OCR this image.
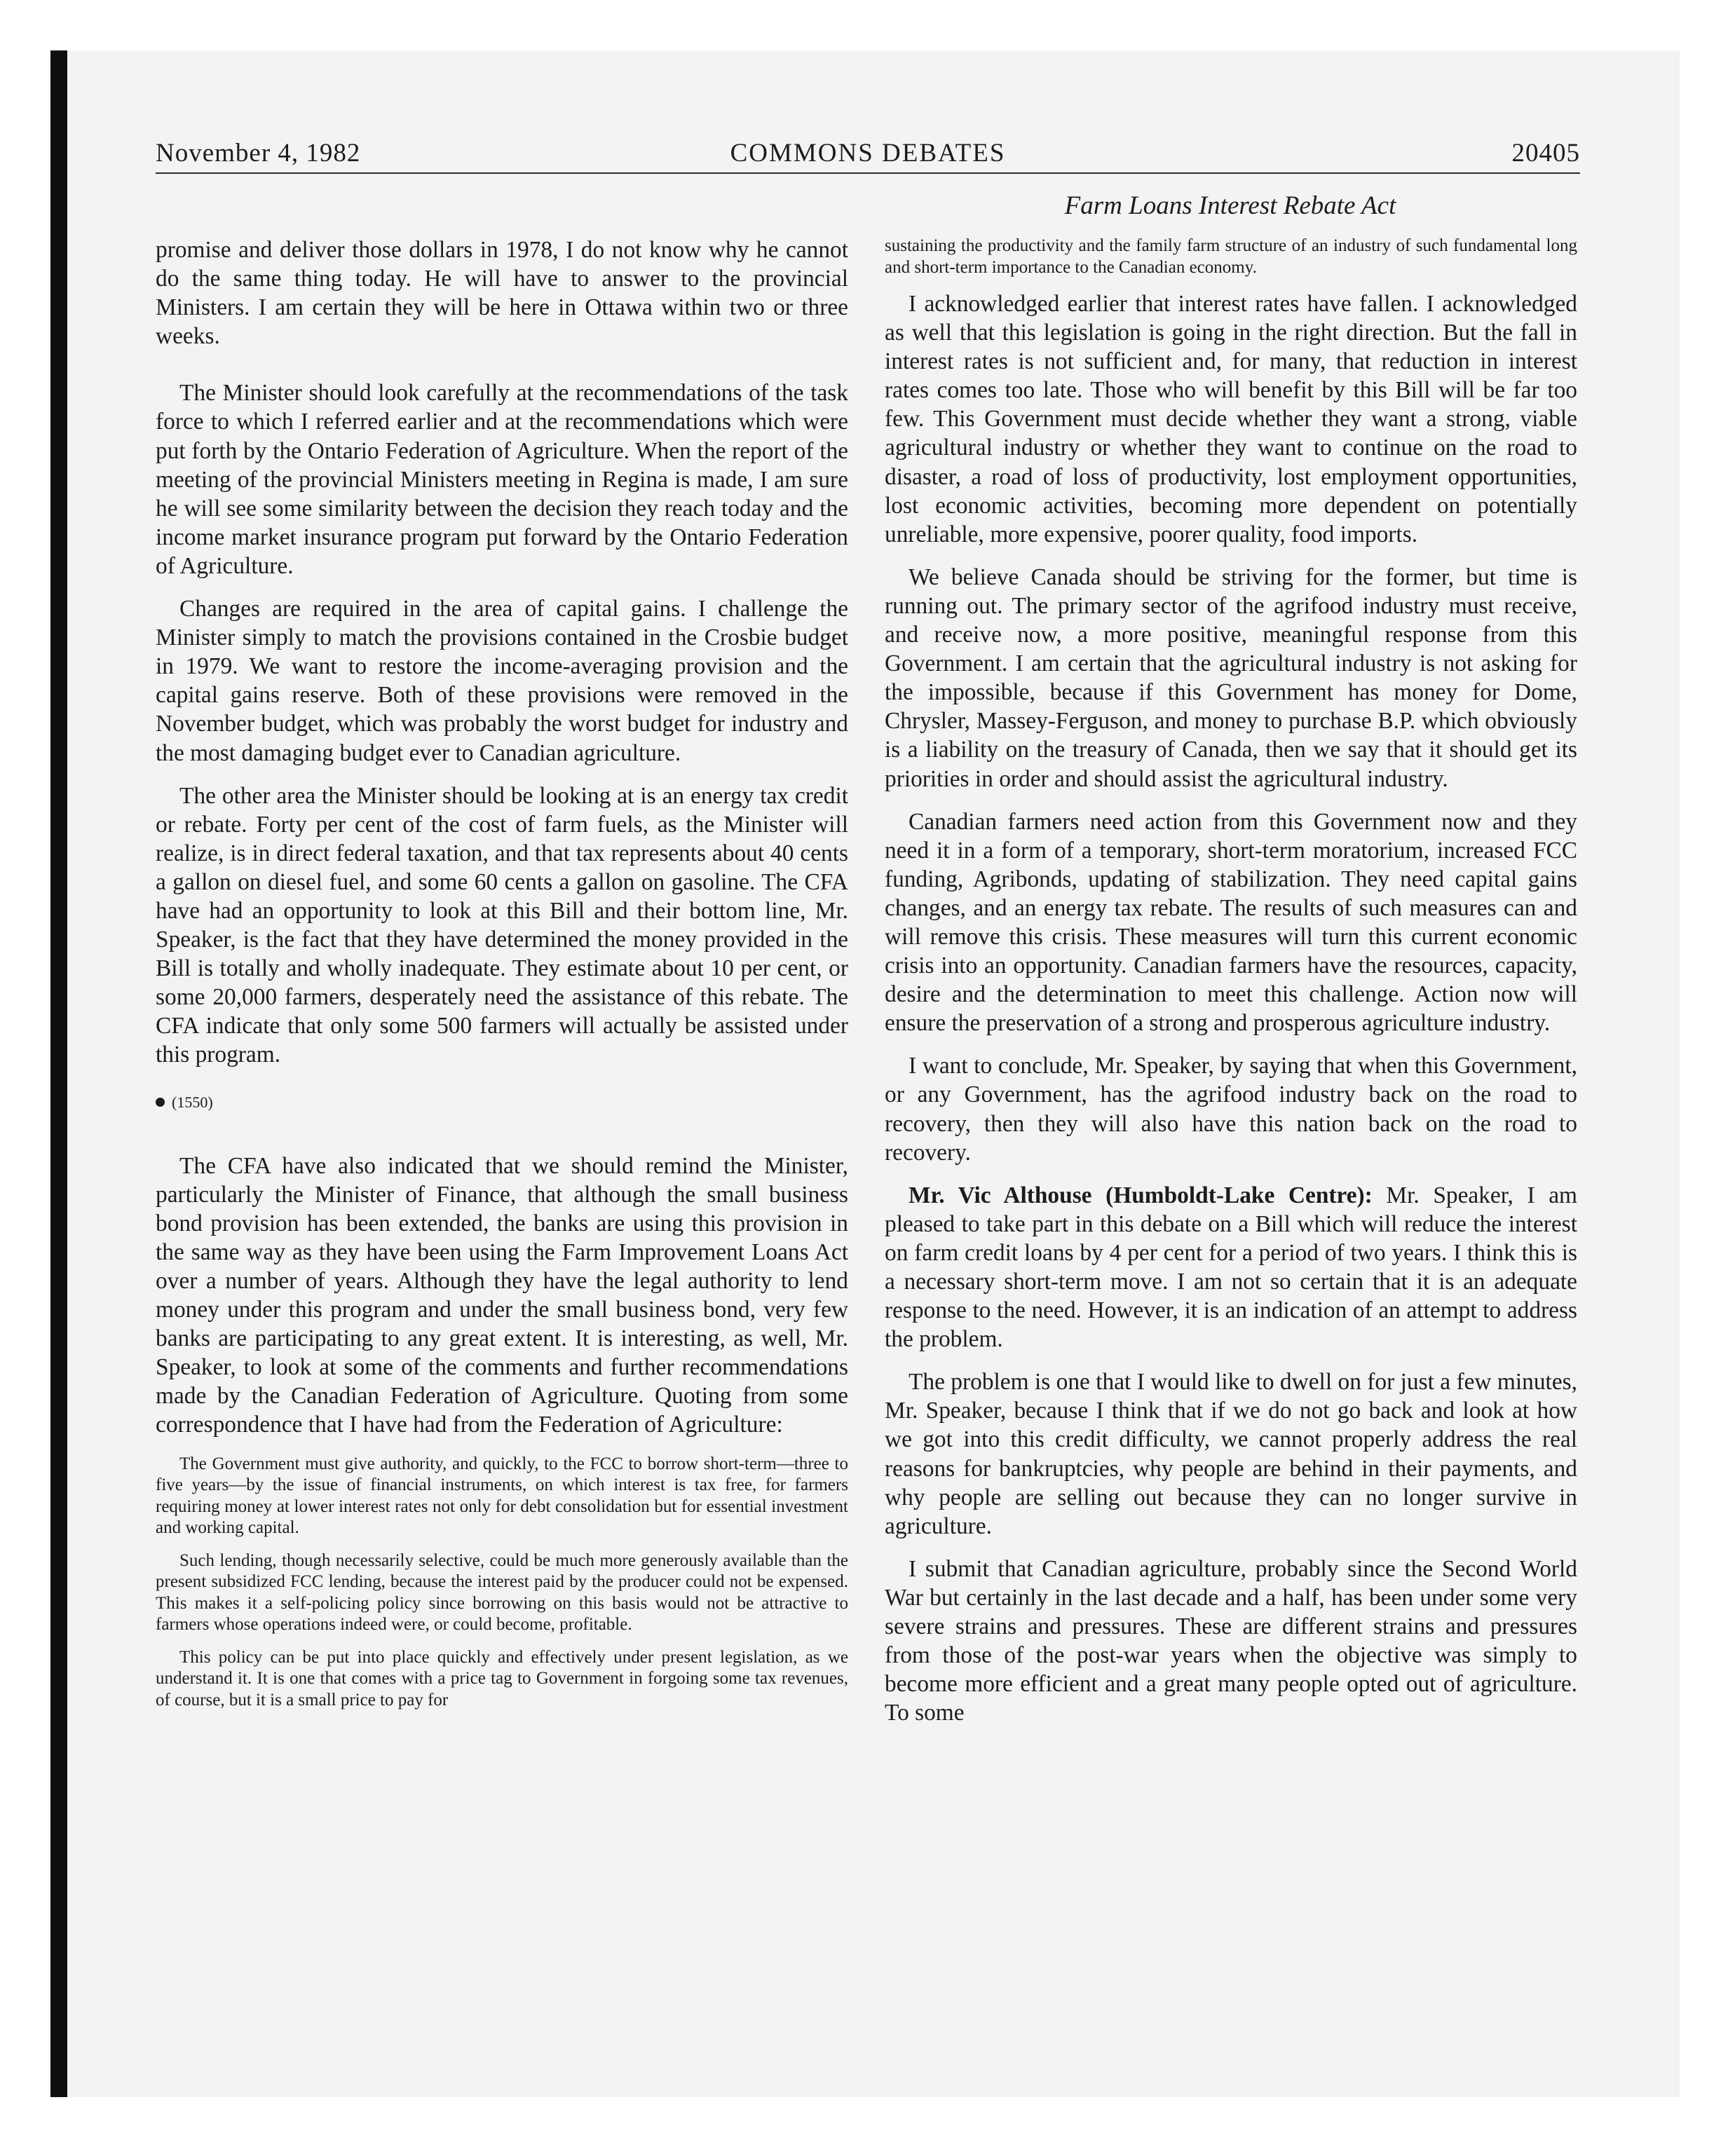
November 4, 1982	COMMONS DEBATES	20405
Farm Loans Interest Rebate Act

promise and deliver those dollars in 1978, I do not know why he cannot do the same thing today. He will have to answer to the provincial Ministers. I am certain they will be here in Ottawa within two or three weeks.

The Minister should look carefully at the recommendations of the task force to which I referred earlier and at the recommendations which were put forth by the Ontario Federation of Agriculture. When the report of the meeting of the provincial Ministers meeting in Regina is made, I am sure he will see some similarity between the decision they reach today and the income market insurance program put forward by the Ontario Federation of Agriculture.

Changes are required in the area of capital gains. I challenge the Minister simply to match the provisions contained in the Crosbie budget in 1979. We want to restore the income-averaging provision and the capital gains reserve. Both of these provisions were removed in the November budget, which was probably the worst budget for industry and the most damaging budget ever to Canadian agriculture.

The other area the Minister should be looking at is an energy tax credit or rebate. Forty per cent of the cost of farm fuels, as the Minister will realize, is in direct federal taxation, and that tax represents about 40 cents a gallon on diesel fuel, and some 60 cents a gallon on gasoline. The CFA have had an opportunity to look at this Bill and their bottom line, Mr. Speaker, is the fact that they have determined the money provided in the Bill is totally and wholly inadequate. They estimate about 10 per cent, or some 20,000 farmers, desperately need the assistance of this rebate. The CFA indicate that only some 500 farmers will actually be assisted under this program.

(1550)

The CFA have also indicated that we should remind the Minister, particularly the Minister of Finance, that although the small business bond provision has been extended, the banks are using this provision in the same way as they have been using the Farm Improvement Loans Act over a number of years. Although they have the legal authority to lend money under this program and under the small business bond, very few banks are participating to any great extent. It is interesting, as well, Mr. Speaker, to look at some of the comments and further recommendations made by the Canadian Federation of Agriculture. Quoting from some correspondence that I have had from the Federation of Agriculture:

The Government must give authority, and quickly, to the FCC to borrow short-term—three to five years—by the issue of financial instruments, on which interest is tax free, for farmers requiring money at lower interest rates not only for debt consolidation but for essential investment and working capital.

Such lending, though necessarily selective, could be much more generously available than the present subsidized FCC lending, because the interest paid by the producer could not be expensed. This makes it a self-policing policy since borrowing on this basis would not be attractive to farmers whose operations indeed were, or could become, profitable.

This policy can be put into place quickly and effectively under present legislation, as we understand it. It is one that comes with a price tag to Government in forgoing some tax revenues, of course, but it is a small price to pay for

sustaining the productivity and the family farm structure of an industry of such fundamental long and short-term importance to the Canadian economy.

I acknowledged earlier that interest rates have fallen. I acknowledged as well that this legislation is going in the right direction. But the fall in interest rates is not sufficient and, for many, that reduction in interest rates comes too late. Those who will benefit by this Bill will be far too few. This Government must decide whether they want a strong, viable agricultural industry or whether they want to continue on the road to disaster, a road of loss of productivity, lost employment opportunities, lost economic activities, becoming more dependent on potentially unreliable, more expensive, poorer quality, food imports.

We believe Canada should be striving for the former, but time is running out. The primary sector of the agrifood industry must receive, and receive now, a more positive, meaningful response from this Government. I am certain that the agricultural industry is not asking for the impossible, because if this Government has money for Dome, Chrysler, Massey-Ferguson, and money to purchase B.P. which obviously is a liability on the treasury of Canada, then we say that it should get its priorities in order and should assist the agricultural industry.

Canadian farmers need action from this Government now and they need it in a form of a temporary, short-term moratorium, increased FCC funding, Agribonds, updating of stabilization. They need capital gains changes, and an energy tax rebate. The results of such measures can and will remove this crisis. These measures will turn this current economic crisis into an opportunity. Canadian farmers have the resources, capacity, desire and the determination to meet this challenge. Action now will ensure the preservation of a strong and prosperous agriculture industry.

I want to conclude, Mr. Speaker, by saying that when this Government, or any Government, has the agrifood industry back on the road to recovery, then they will also have this nation back on the road to recovery.

Mr. Vic Althouse (Humboldt-Lake Centre): Mr. Speaker, I am pleased to take part in this debate on a Bill which will reduce the interest on farm credit loans by 4 per cent for a period of two years. I think this is a necessary short-term move. I am not so certain that it is an adequate response to the need. However, it is an indication of an attempt to address the problem.

The problem is one that I would like to dwell on for just a few minutes, Mr. Speaker, because I think that if we do not go back and look at how we got into this credit difficulty, we cannot properly address the real reasons for bankruptcies, why people are behind in their payments, and why people are selling out because they can no longer survive in agriculture.

I submit that Canadian agriculture, probably since the Second World War but certainly in the last decade and a half, has been under some very severe strains and pressures. These are different strains and pressures from those of the post-war years when the objective was simply to become more efficient and a great many people opted out of agriculture. To some
